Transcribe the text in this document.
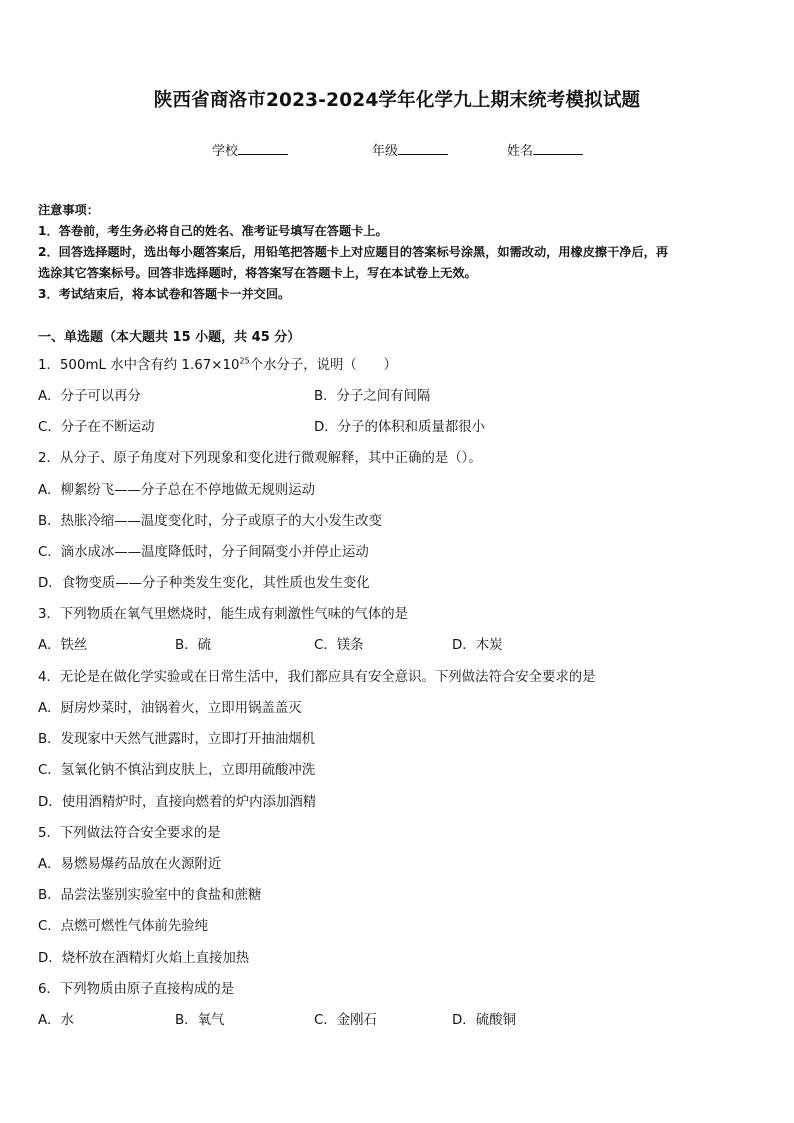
陕西省商洛市2023-2024学年化学九上期末统考模拟试题
学校	年级	姓名
注意事项：
1．答卷前，考生务必将自己的姓名、准考证号填写在答题卡上。
2．回答选择题时，选出每小题答案后，用铅笔把答题卡上对应题目的答案标号涂黑，如需改动，用橡皮擦干净后，再
选涂其它答案标号。回答非选择题时，将答案写在答题卡上，写在本试卷上无效。
3．考试结束后，将本试卷和答题卡一并交回。
一、单选题（本大题共 15 小题，共 45 分）
1．500mL 水中含有约 $1.67\times 10^{25}$个水分子，说明（　　）
A．分子可以再分	B．分子之间有间隔
C．分子在不断运动	D．分子的体积和质量都很小
2．从分子、原子角度对下列现象和变化进行微观解释，其中正确的是（）。
A．柳絮纷飞——分子总在不停地做无规则运动
B．热胀冷缩——温度变化时，分子或原子的大小发生改变
C．滴水成冰——温度降低时，分子间隔变小并停止运动
D．食物变质——分子种类发生变化，其性质也发生变化
3．下列物质在氧气里燃烧时，能生成有刺激性气味的气体的是
A．铁丝	B．硫	C．镁条	D．木炭
4．无论是在做化学实验或在日常生活中，我们都应具有安全意识。下列做法符合安全要求的是
A．厨房炒菜时，油锅着火，立即用锅盖盖灭
B．发现家中天然气泄露时，立即打开抽油烟机
C．氢氧化钠不慎沾到皮肤上，立即用硫酸冲洗
D．使用酒精炉时，直接向燃着的炉内添加酒精
5．下列做法符合安全要求的是
A．易燃易爆药品放在火源附近
B．品尝法鉴别实验室中的食盐和蔗糖
C．点燃可燃性气体前先验纯
D．烧杯放在酒精灯火焰上直接加热
6．下列物质由原子直接构成的是
A．水	B．氧气	C．金刚石	D．硫酸铜
